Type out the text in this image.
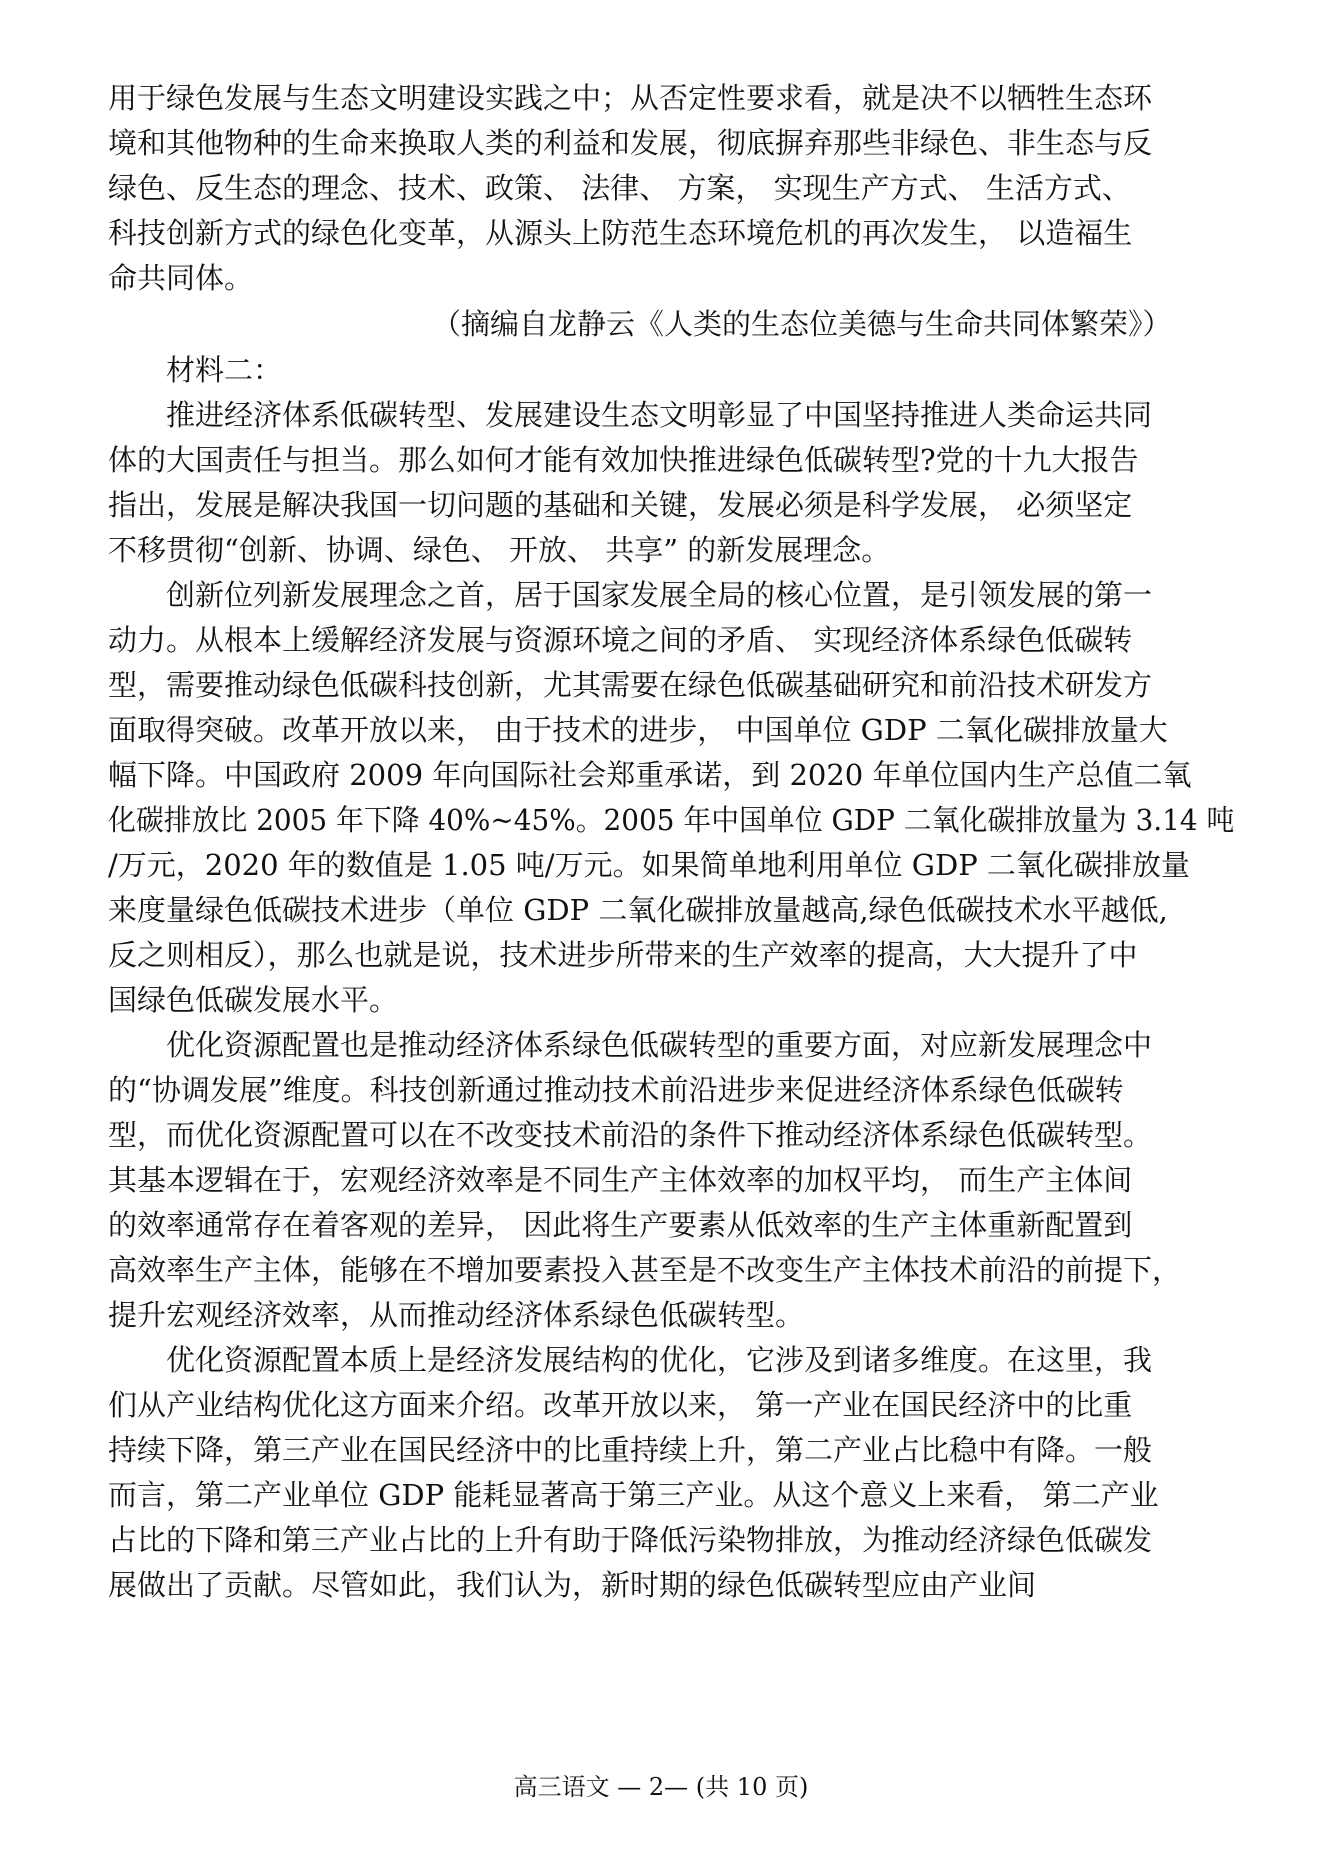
用于绿色发展与生态文明建设实践之中；从否定性要求看，就是决不以牺牲生态环
境和其他物种的生命来换取人类的利益和发展，彻底摒弃那些非绿色、非生态与反
绿色、反生态的理念、技术、政策、 法律、 方案， 实现生产方式、 生活方式、
科技创新方式的绿色化变革，从源头上防范生态环境危机的再次发生， 以造福生
命共同体。
（摘编自龙静云《人类的生态位美德与生命共同体繁荣》）
材料二：
推进经济体系低碳转型、发展建设生态文明彰显了中国坚持推进人类命运共同
体的大国责任与担当。那么如何才能有效加快推进绿色低碳转型?党的十九大报告
指出，发展是解决我国一切问题的基础和关键，发展必须是科学发展， 必须坚定
不移贯彻“创新、协调、绿色、 开放、 共享” 的新发展理念。
创新位列新发展理念之首，居于国家发展全局的核心位置，是引领发展的第一
动力。从根本上缓解经济发展与资源环境之间的矛盾、 实现经济体系绿色低碳转
型，需要推动绿色低碳科技创新，尤其需要在绿色低碳基础研究和前沿技术研发方
面取得突破。改革开放以来， 由于技术的进步， 中国单位 GDP 二氧化碳排放量大
幅下降。中国政府 2009 年向国际社会郑重承诺，到 2020 年单位国内生产总值二氧
化碳排放比 2005 年下降 40%~45%。2005 年中国单位 GDP 二氧化碳排放量为 3.14 吨
/万元，2020 年的数值是 1.05 吨/万元。如果简单地利用单位 GDP 二氧化碳排放量
来度量绿色低碳技术进步（单位 GDP 二氧化碳排放量越高,绿色低碳技术水平越低,
反之则相反），那么也就是说，技术进步所带来的生产效率的提高，大大提升了中
国绿色低碳发展水平。
优化资源配置也是推动经济体系绿色低碳转型的重要方面，对应新发展理念中
的“协调发展”维度。科技创新通过推动技术前沿进步来促进经济体系绿色低碳转
型，而优化资源配置可以在不改变技术前沿的条件下推动经济体系绿色低碳转型。
其基本逻辑在于，宏观经济效率是不同生产主体效率的加权平均， 而生产主体间
的效率通常存在着客观的差异， 因此将生产要素从低效率的生产主体重新配置到
高效率生产主体，能够在不增加要素投入甚至是不改变生产主体技术前沿的前提下，
提升宏观经济效率，从而推动经济体系绿色低碳转型。
优化资源配置本质上是经济发展结构的优化，它涉及到诸多维度。在这里，我
们从产业结构优化这方面来介绍。改革开放以来， 第一产业在国民经济中的比重
持续下降，第三产业在国民经济中的比重持续上升，第二产业占比稳中有降。一般
而言，第二产业单位 GDP 能耗显著高于第三产业。从这个意义上来看， 第二产业
占比的下降和第三产业占比的上升有助于降低污染物排放，为推动经济绿色低碳发
展做出了贡献。尽管如此，我们认为，新时期的绿色低碳转型应由产业间
高三语文 — 2— (共 10 页)
